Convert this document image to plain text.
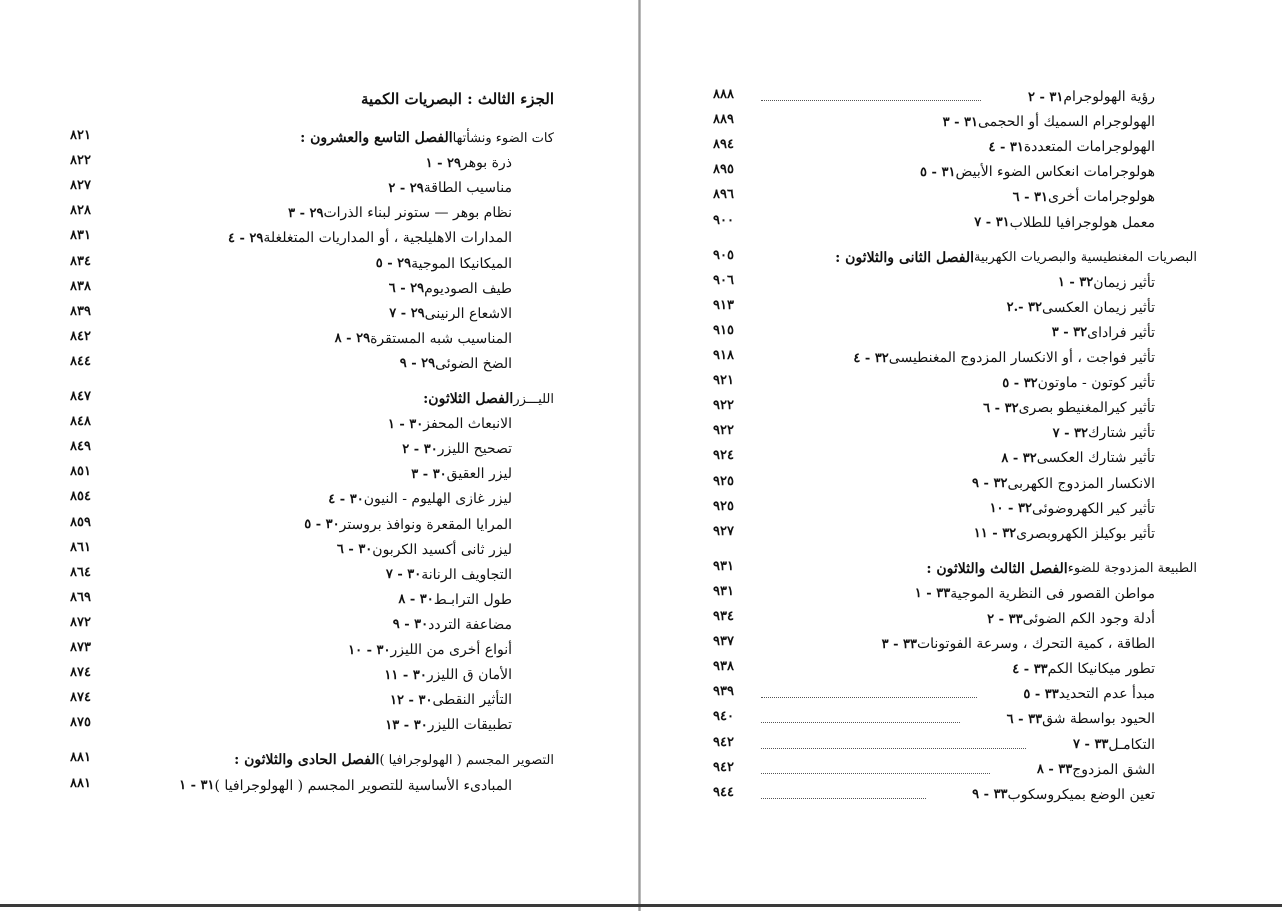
الجزء الثالث : البصريات الكمية
٨٢١	الفصل التاسع والعشرون : كات الضوء ونشأتها
٨٢٢	٢٩ - ١ ذرة بوهر
٨٢٧	٢٩ - ٢ مناسيب الطاقة
٨٢٨	٢٩ - ٣ نظام بوهر — ستونر لبناء الذرات
٨٣١	٢٩ - ٤ المدارات الاهليلجية ، أو المداريات المتغلغلة
٨٣٤	٢٩ - ٥ الميكانيكا الموجية
٨٣٨	٢٩ - ٦ طيف الصوديوم
٨٣٩	٢٩ - ٧ الاشعاع الرنينى
٨٤٢	٢٩ - ٨ المناسيب شبه المستقرة
٨٤٤	٢٩ - ٩ الضخ الضوئى
٨٤٧	الفصل الثلاثون: الليـــزر
٨٤٨	٣٠ - ١ الانبعاث المحفز
٨٤٩	٣٠ - ٢ تصحيح الليزر
٨٥١	٣٠ - ٣ ليزر العقيق
٨٥٤	٣٠ - ٤ ليزر غازى الهليوم - النيون
٨٥٩	٣٠ - ٥ المرايا المقعرة ونوافذ بروستر
٨٦١	٣٠ - ٦ ليزر ثانى أكسيد الكربون
٨٦٤	٣٠ - ٧ التجاويف الرنانة
٨٦٩	٣٠ - ٨ طول الترابـط
٨٧٢	٣٠ - ٩ مضاعفة التردد
٨٧٣	٣٠ - ١٠ أنواع أخرى من الليزر
٨٧٤	٣٠ - ١١ الأمان ق الليزر
٨٧٤	٣٠ - ١٢ التأثير النقطى
٨٧٥	٣٠ - ١٣ تطبيقات الليزر
٨٨١	الفصل الحادى والثلاثون : التصوير المجسم ( الهولوجرافيا )
٨٨١	٣١ - ١ المبادىء الأساسية للتصوير المجسم ( الهولوجرافيا )
٨٨٨	٣١ - ٢ رؤية الهولوجرام
٨٨٩	٣١ - ٣ الهولوجرام السميك أو الحجمى
٨٩٤	٣١ - ٤ الهولوجرامات المتعددة
٨٩٥	٣١ - ٥ هولوجرامات انعكاس الضوء الأبيض
٨٩٦	٣١ - ٦ هولوجرامات أخرى
٩٠٠	٣١ - ٧ معمل هولوجرافيا للطلاب
٩٠٥	الفصل الثانى والثلاثون : البصريات المغنطيسية والبصريات الكهربية
٩٠٦	٣٢ - ١ تأثير زيمان
٩١٣	٣٢ -.٢ تأثير زيمان العكسى
٩١٥	٣٢ - ٣ تأثير فرادای
٩١٨	٣٢ - ٤ تأثير فواجت ، أو الانكسار المزدوج المغنطيسى
٩٢١	٣٢ - ٥ تأثير كوتون - ماوتون
٩٢٢	٣٢ - ٦ تأثير كيرالمغنيطو بصرى
٩٢٢	٣٢ - ٧ تأثير شتارك
٩٢٤	٣٢ - ٨ تأثير شتارك العكسى
٩٢٥	٣٢ - ٩ الانكسار المزدوج الكهربى
٩٢٥	٣٢ - ١٠ تأثير كير الكهروضوئى
٩٢٧	٣٢ - ١١ تأثير بوكيلز الكهروبصرى
٩٣١	الفصل الثالث والثلاثون : الطبيعة المزدوجة للضوء
٩٣١	٣٣ - ١ مواطن القصور فى النظرية الموجية
٩٣٤	٣٣ - ٢ أدلة وجود الكم الضوئى
٩٣٧	٣٣ - ٣ الطاقة ، كمية التحرك ، وسرعة الفوتونات
٩٣٨	٣٣ - ٤ تطور ميكانيكا الكم
٩٣٩	٣٣ - ٥ مبدأ عدم التحديد
٩٤٠	٣٣ - ٦ الحيود بواسطة شق
٩٤٢	٣٣ - ٧ التكامـل
٩٤٢	٣٣ - ٨ الشق المزدوج
٩٤٤	٣٣ - ٩ تعين الوضع بميكروسكوب
